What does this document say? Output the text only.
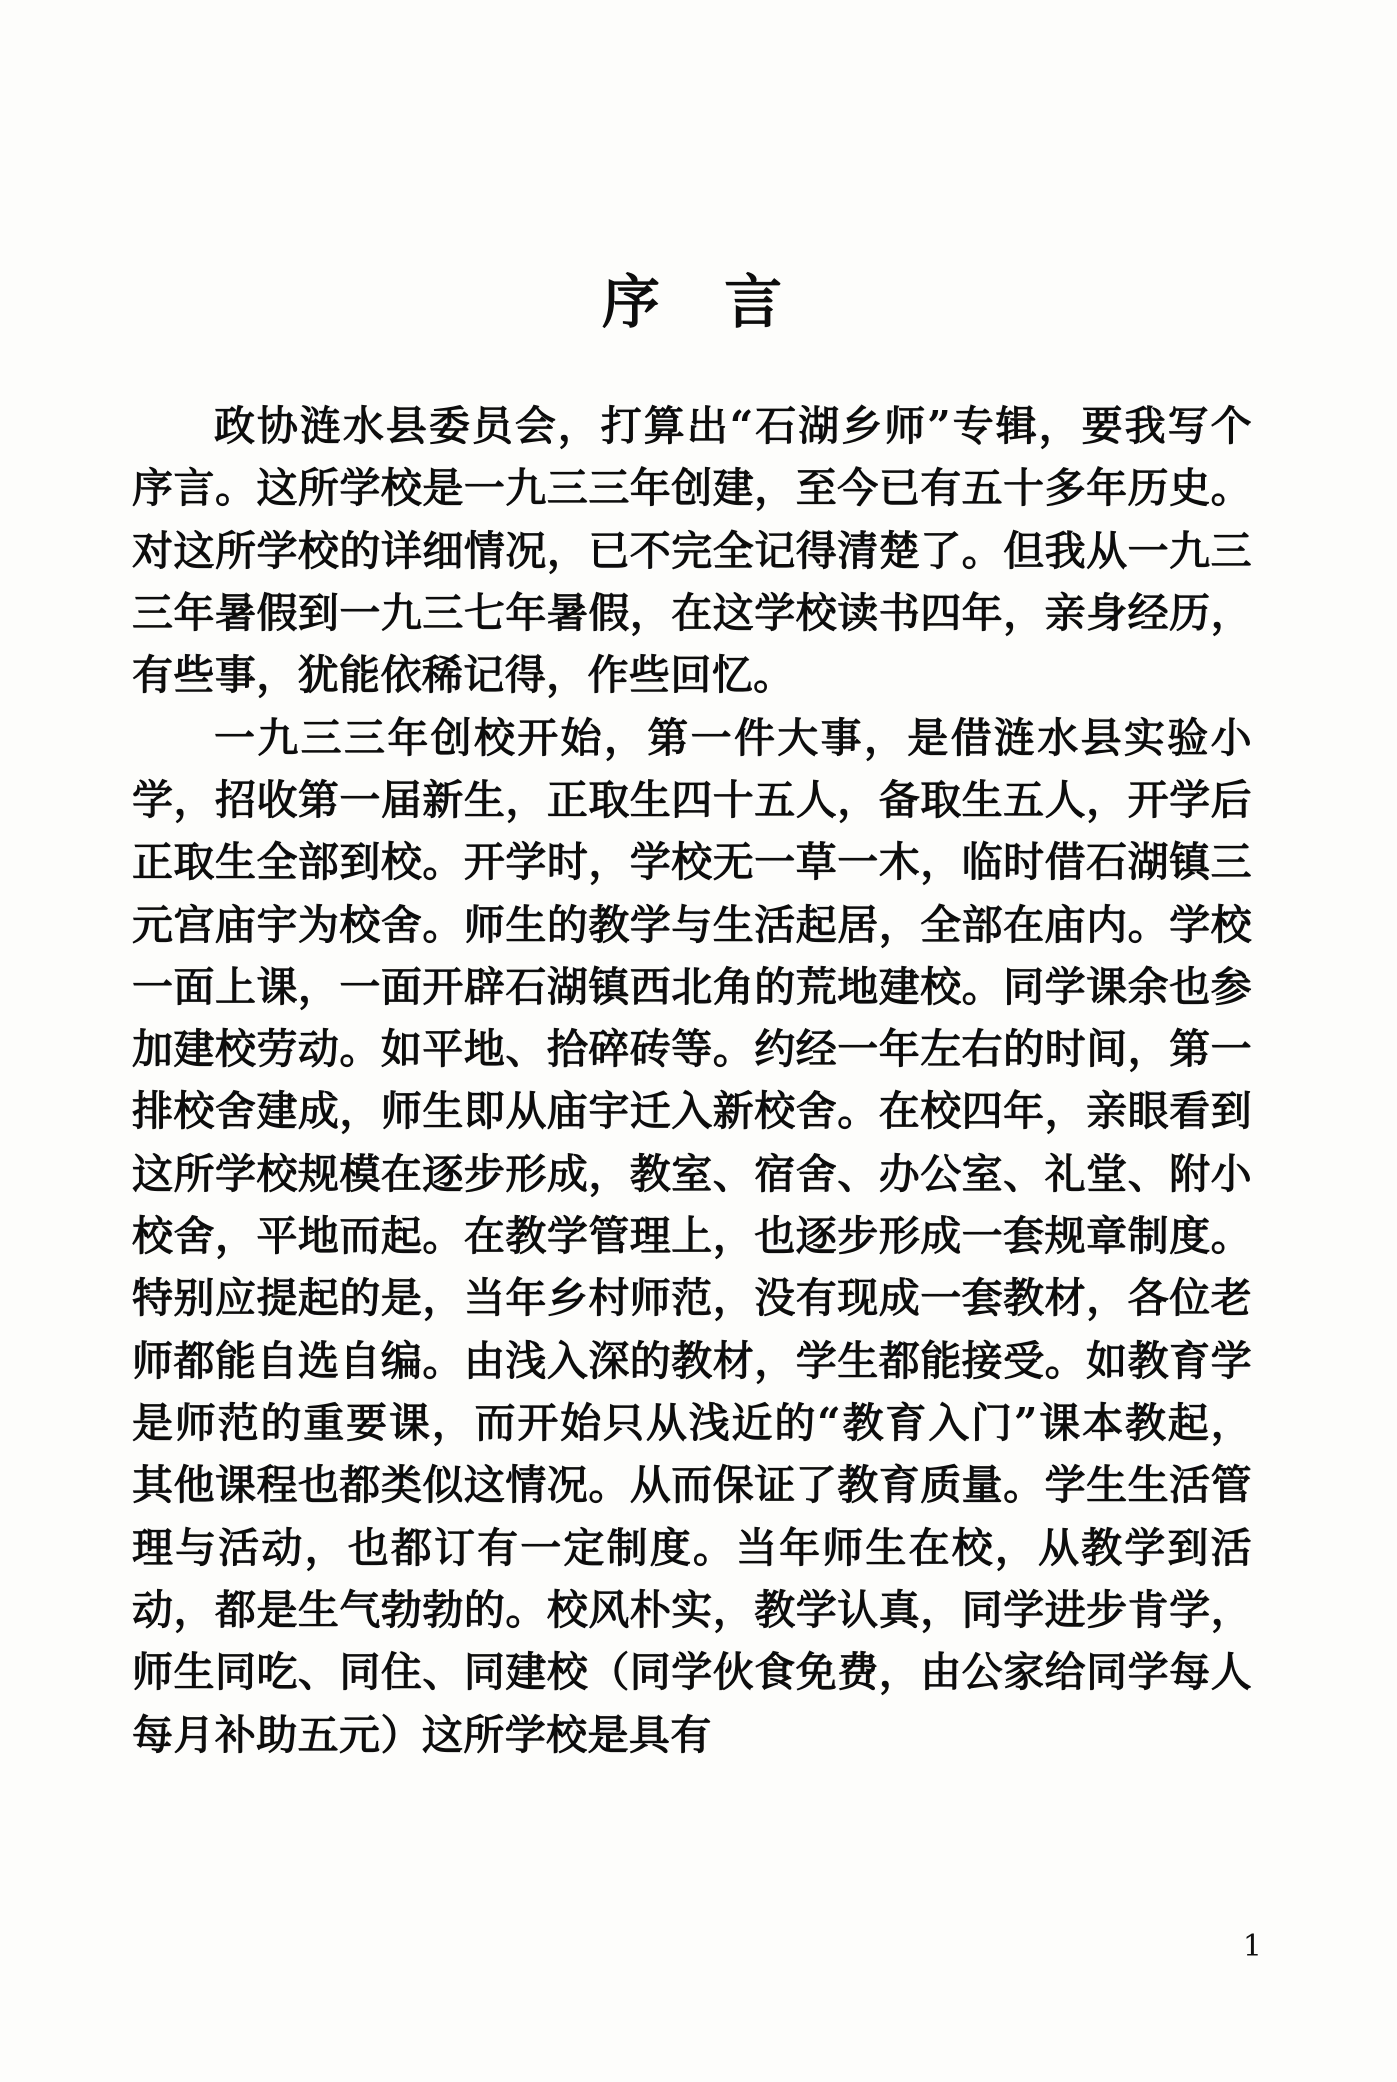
序 言

政协涟水县委员会，打算出“石湖乡师”专辑，要我写个序言。这所学校是一九三三年创建，至今已有五十多年历史。对这所学校的详细情况，已不完全记得清楚了。但我从一九三三年暑假到一九三七年暑假，在这学校读书四年，亲身经历，有些事，犹能依稀记得，作些回忆。

一九三三年创校开始，第一件大事，是借涟水县实验小学，招收第一届新生，正取生四十五人，备取生五人，开学后正取生全部到校。开学时，学校无一草一木，临时借石湖镇三元宫庙宇为校舍。师生的教学与生活起居，全部在庙内。学校一面上课，一面开辟石湖镇西北角的荒地建校。同学课余也参加建校劳动。如平地、拾碎砖等。约经一年左右的时间，第一排校舍建成，师生即从庙宇迁入新校舍。在校四年，亲眼看到这所学校规模在逐步形成，教室、宿舍、办公室、礼堂、附小校舍，平地而起。在教学管理上，也逐步形成一套规章制度。特别应提起的是，当年乡村师范，没有现成一套教材，各位老师都能自选自编。由浅入深的教材，学生都能接受。如教育学是师范的重要课，而开始只从浅近的“教育入门”课本教起，其他课程也都类似这情况。从而保证了教育质量。学生生活管理与活动，也都订有一定制度。当年师生在校，从教学到活动，都是生气勃勃的。校风朴实，教学认真，同学进步肯学，师生同吃、同住、同建校（同学伙食免费，由公家给同学每人每月补助五元）这所学校是具有

1
